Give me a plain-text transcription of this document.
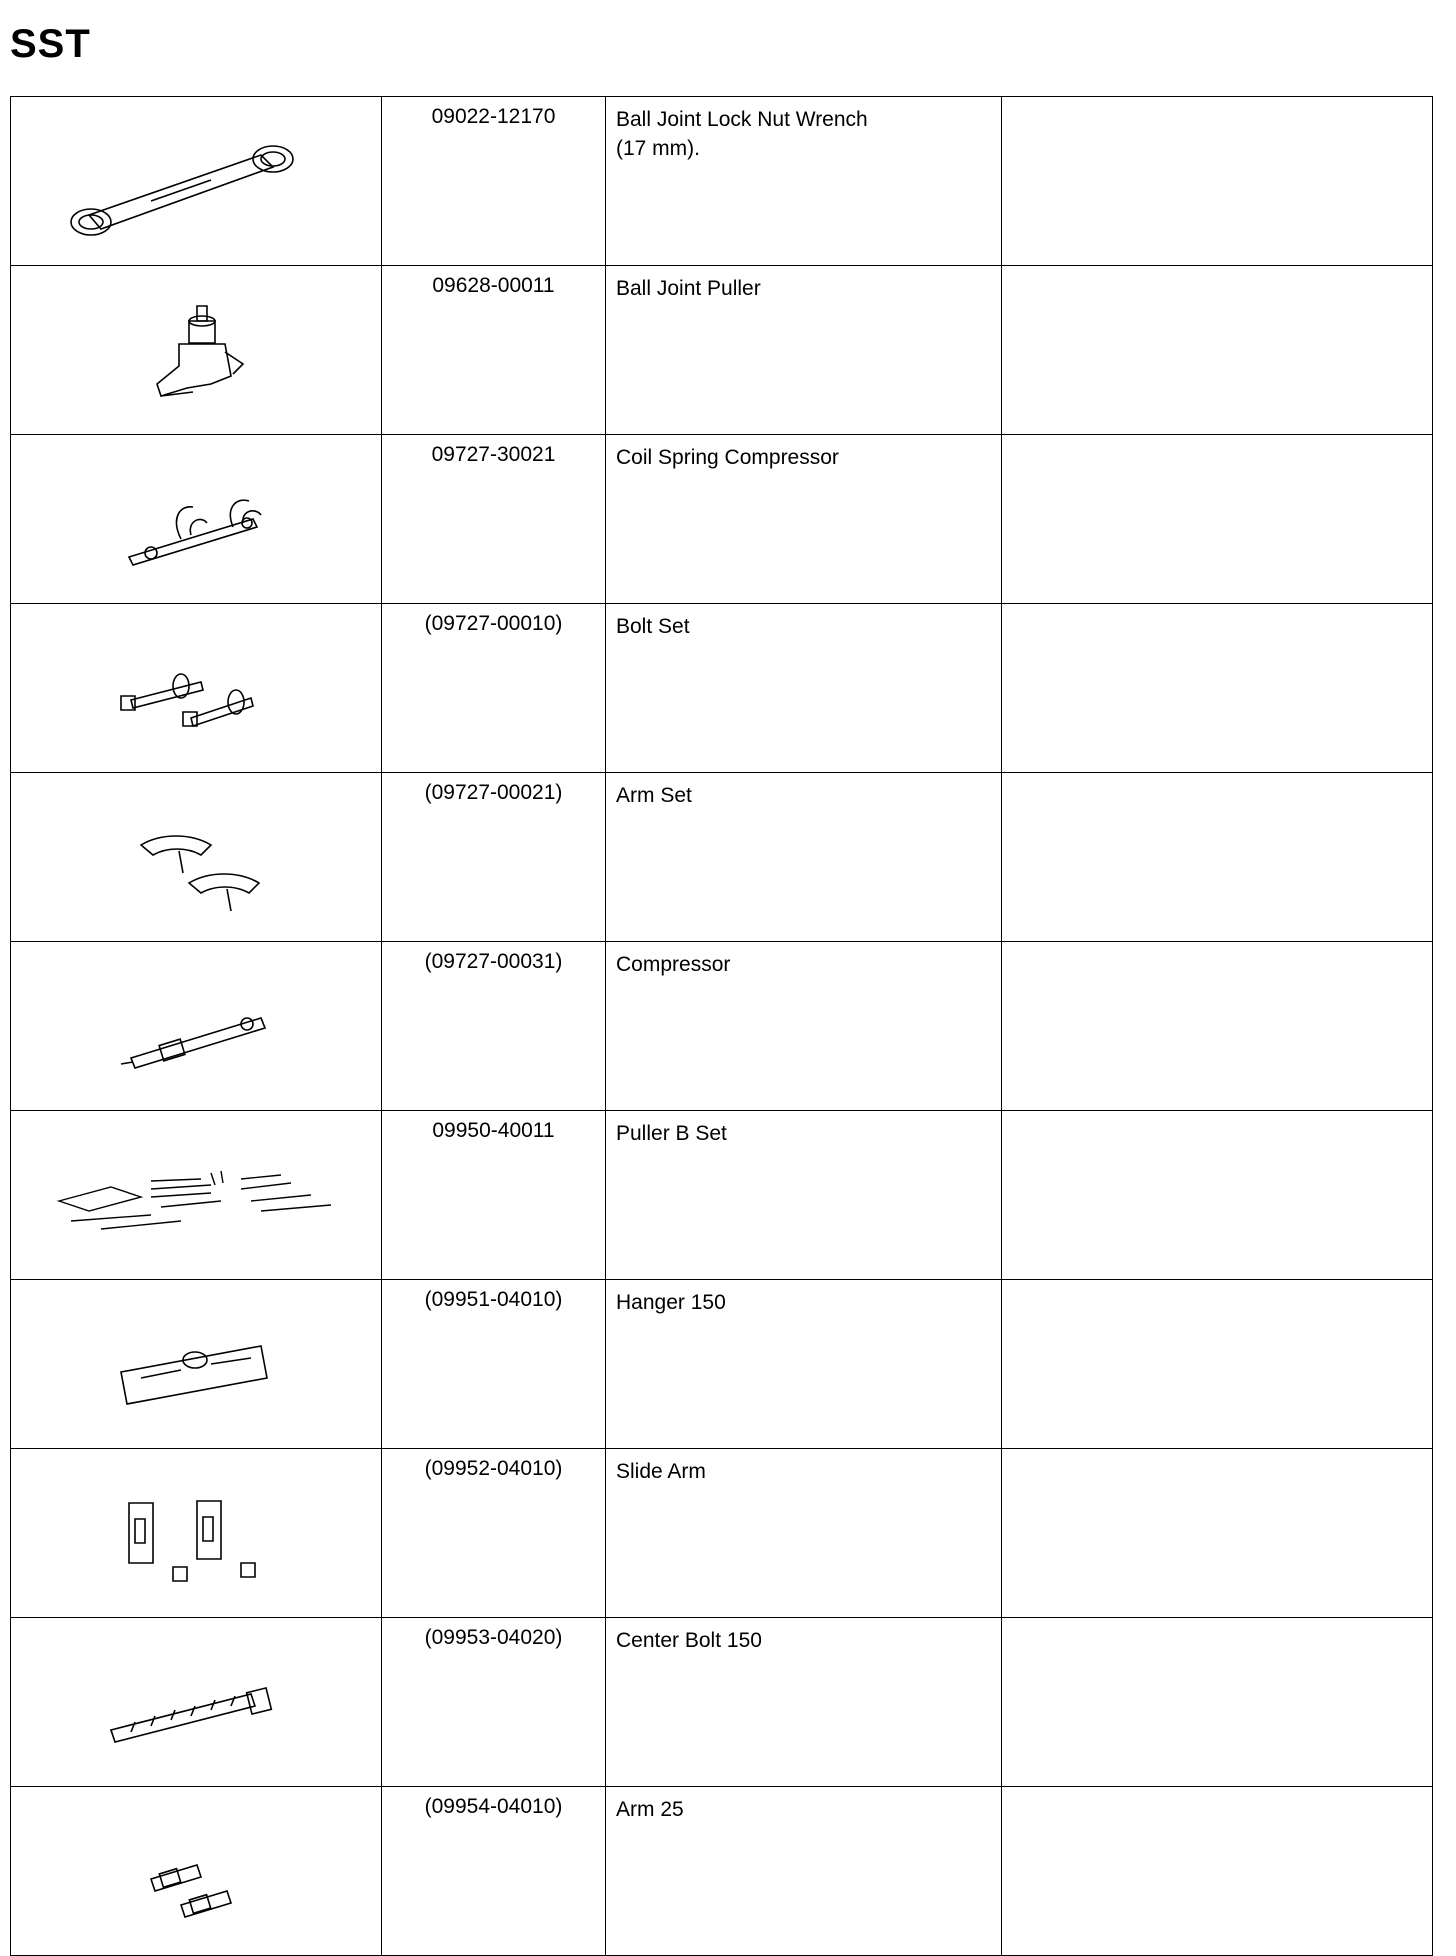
SST
	09022-12170	Ball Joint Lock Nut Wrench
(17 mm).	

	09628-00011	Ball Joint Puller	

	09727-30021	Coil Spring Compressor	

	(09727-00010)	Bolt Set	

	(09727-00021)	Arm Set	

	(09727-00031)	Compressor	

	09950-40011	Puller B Set	

	(09951-04010)	Hanger 150	

	(09952-04010)	Slide Arm	

	(09953-04020)	Center Bolt 150	

	(09954-04010)	Arm 25	
